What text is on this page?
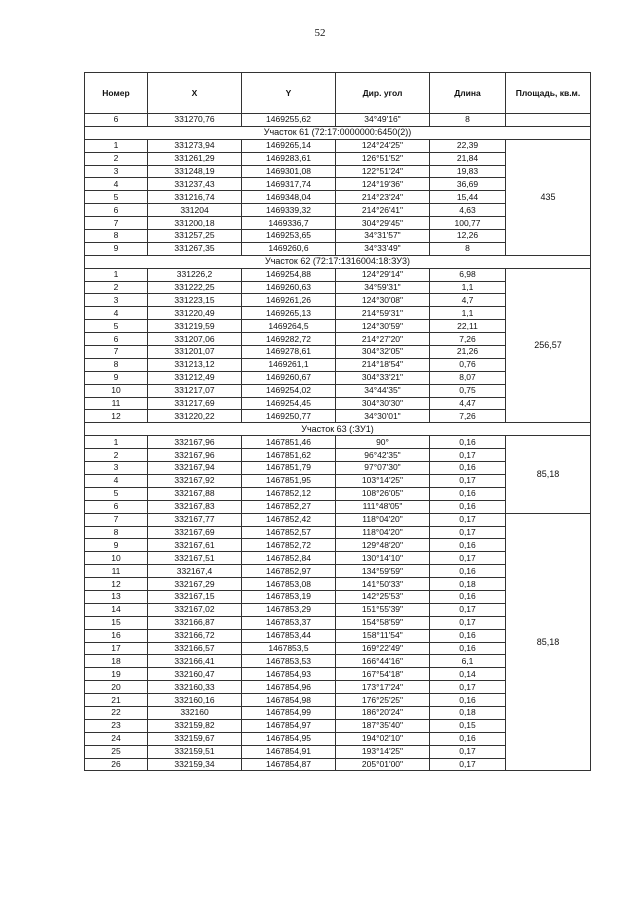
52
Номер	X	Y	Дир. угол	Длина	Площадь, кв.м.
6	331270,76	1469255,62	34°49'16"	8	
Участок 61 (72:17:0000000:6450(2))					
1	331273,94	1469265,14	124°24'25"	22,39	435
2	331261,29	1469283,61	126°51'52"	21,84	
3	331248,19	1469301,08	122°51'24"	19,83	
4	331237,43	1469317,74	124°19'36"	36,69	
5	331216,74	1469348,04	214°23'24"	15,44	
6	331204	1469339,32	214°26'41"	4,63	
7	331200,18	1469336,7	304°29'45"	100,77	
8	331257,25	1469253,65	34°31'57"	12,26	
9	331267,35	1469260,6	34°33'49"	8	
Участок 62 (72:17:1316004:18:ЗУ3)					
1	331226,2	1469254,88	124°29'14"	6,98	256,57
2	331222,25	1469260,63	34°59'31"	1,1	
3	331223,15	1469261,26	124°30'08"	4,7	
4	331220,49	1469265,13	214°59'31"	1,1	
5	331219,59	1469264,5	124°30'59"	22,11	
6	331207,06	1469282,72	214°27'20"	7,26	
7	331201,07	1469278,61	304°32'05"	21,26	
8	331213,12	1469261,1	214°18'54"	0,76	
9	331212,49	1469260,67	304°33'21"	8,07	
10	331217,07	1469254,02	34°44'35"	0,75	
11	331217,69	1469254,45	304°30'30"	4,47	
12	331220,22	1469250,77	34°30'01"	7,26	
Участок 63 (:ЗУ1)					
1	332167,96	1467851,46	90°	0,16	85,18
2	332167,96	1467851,62	96°42'35"	0,17	
3	332167,94	1467851,79	97°07'30"	0,16	
4	332167,92	1467851,95	103°14'25"	0,17	
5	332167,88	1467852,12	108°26'05"	0,16	
6	332167,83	1467852,27	111°48'05"	0,16	
7	332167,77	1467852,42	118°04'20"	0,17	85,18
8	332167,69	1467852,57	118°04'20"	0,17	
9	332167,61	1467852,72	129°48'20"	0,16	
10	332167,51	1467852,84	130°14'10"	0,17	
11	332167,4	1467852,97	134°59'59"	0,16	
12	332167,29	1467853,08	141°50'33"	0,18	
13	332167,15	1467853,19	142°25'53"	0,16	
14	332167,02	1467853,29	151°55'39"	0,17	
15	332166,87	1467853,37	154°58'59"	0,17	
16	332166,72	1467853,44	158°11'54"	0,16	
17	332166,57	1467853,5	169°22'49"	0,16	
18	332166,41	1467853,53	166°44'16"	6,1	
19	332160,47	1467854,93	167°54'18"	0,14	
20	332160,33	1467854,96	173°17'24"	0,17	
21	332160,16	1467854,98	176°25'25"	0,16	
22	332160	1467854,99	186°20'24"	0,18	
23	332159,82	1467854,97	187°35'40"	0,15	
24	332159,67	1467854,95	194°02'10"	0,16	
25	332159,51	1467854,91	193°14'25"	0,17	
26	332159,34	1467854,87	205°01'00"	0,17	
